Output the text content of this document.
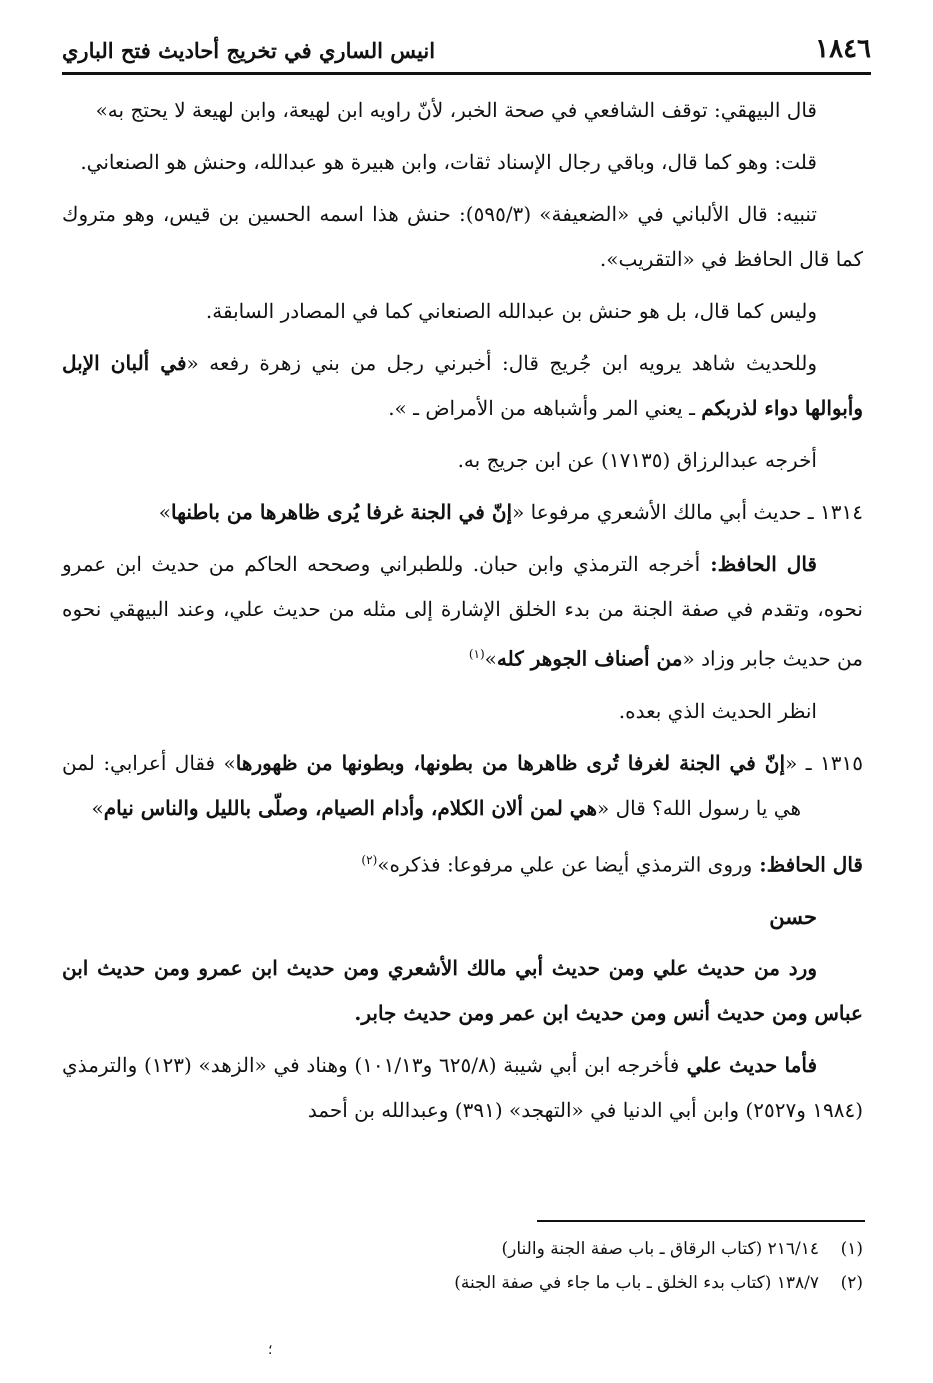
١٨٤٦
انيس الساري في تخريج أحاديث فتح الباري

قال البيهقي: توقف الشافعي في صحة الخبر، لأنّ راويه ابن لهيعة، وابن لهيعة لا يحتج به»

قلت: وهو كما قال، وباقي رجال الإسناد ثقات، وابن هبيرة هو عبدالله، وحنش هو الصنعاني.

تنبيه: قال الألباني في «الضعيفة» (٥٩٥/٣): حنش هذا اسمه الحسين بن قيس، وهو متروك كما قال الحافظ في «التقريب».

وليس كما قال، بل هو حنش بن عبدالله الصنعاني كما في المصادر السابقة.

وللحديث شاهد يرويه ابن جُريج قال: أخبرني رجل من بني زهرة رفعه «في ألبان الإبل وأبوالها دواء لذربكم ـ يعني المر وأشباهه من الأمراض ـ ».

أخرجه عبدالرزاق (١٧١٣٥) عن ابن جريج به.

١٣١٤ ـ حديث أبي مالك الأشعري مرفوعا «إنّ في الجنة غرفا يُرى ظاهرها من باطنها»

قال الحافظ: أخرجه الترمذي وابن حبان. وللطبراني وصححه الحاكم من حديث ابن عمرو نحوه، وتقدم في صفة الجنة من بدء الخلق الإشارة إلى مثله من حديث علي، وعند البيهقي نحوه من حديث جابر وزاد «من أصناف الجوهر كله»$^{(١)}$

انظر الحديث الذي بعده.

١٣١٥ ـ «إنّ في الجنة لغرفا تُرى ظاهرها من بطونها، وبطونها من ظهورها» فقال أعرابي: لمن هي يا رسول الله؟ قال «هي لمن ألان الكلام، وأدام الصيام، وصلّى بالليل والناس نيام»

قال الحافظ: وروى الترمذي أيضا عن علي مرفوعا: فذكره»$^{(٢)}$

حسن

ورد من حديث علي ومن حديث أبي مالك الأشعري ومن حديث ابن عمرو ومن حديث ابن عباس ومن حديث أنس ومن حديث ابن عمر ومن حديث جابر.

فأما حديث علي فأخرجه ابن أبي شيبة (٦٢٥/٨ و١٠١/١٣) وهناد في «الزهد» (١٢٣) والترمذي (١٩٨٤ و٢٥٢٧) وابن أبي الدنيا في «التهجد» (٣٩١) وعبدالله بن أحمد

(١)٢١٦/١٤ (كتاب الرقاق ـ باب صفة الجنة والنار)
(٢)١٣٨/٧ (كتاب بدء الخلق ـ باب ما جاء في صفة الجنة)
؛
